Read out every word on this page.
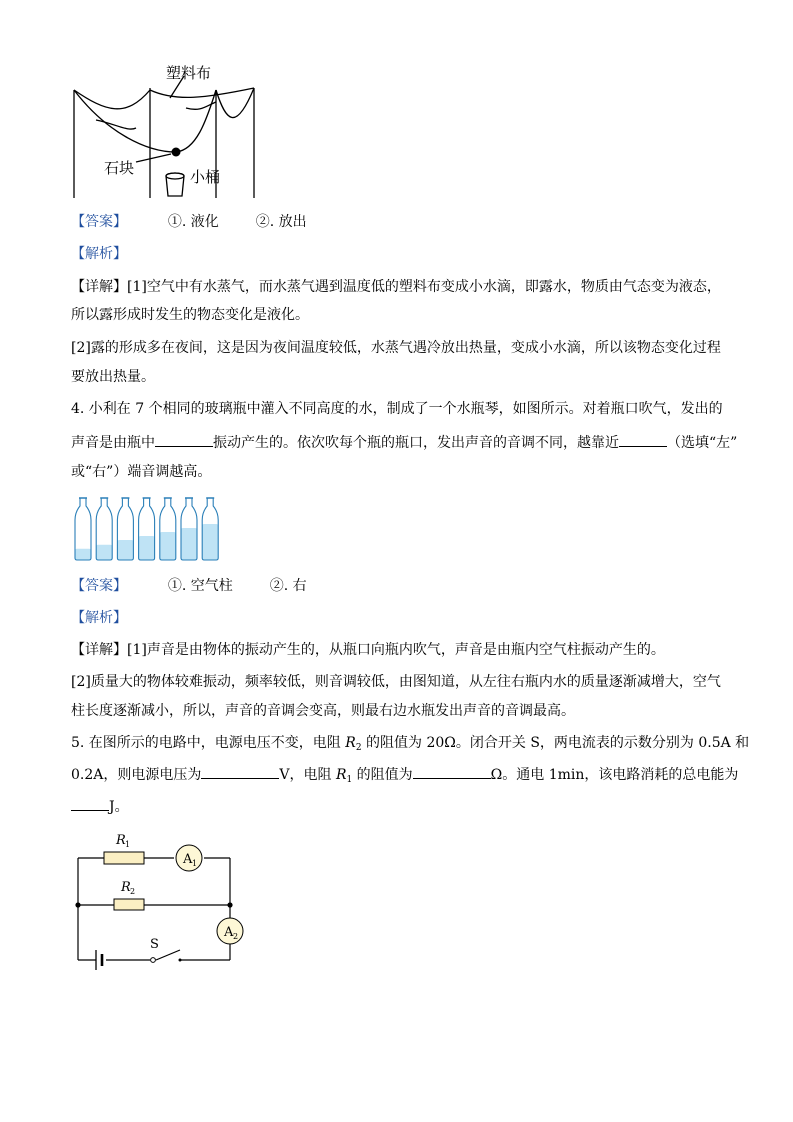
塑料布
石块	小桶
【答案】	①. 液化	②. 放出
【解析】
【详解】[1]空气中有水蒸气，而水蒸气遇到温度低的塑料布变成小水滴，即露水，物质由气态变为液态，
所以露形成时发生的物态变化是液化。
[2]露的形成多在夜间，这是因为夜间温度较低，水蒸气遇冷放出热量，变成小水滴，所以该物态变化过程
要放出热量。
4. 小利在 7 个相同的玻璃瓶中灌入不同高度的水，制成了一个水瓶琴，如图所示。对着瓶口吹气，发出的
声音是由瓶中	振动产生的。依次吹每个瓶的瓶口，发出声音的音调不同，越靠近	（选填“左”
或“右”）端音调越高。
【答案】	①. 空气柱	②. 右
【解析】
【详解】[1]声音是由物体的振动产生的，从瓶口向瓶内吹气，声音是由瓶内空气柱振动产生的。
[2]质量大的物体较难振动，频率较低，则音调较低，由图知道，从左往右瓶内水的质量逐渐减增大，空气
柱长度逐渐减小，所以，声音的音调会变高，则最右边水瓶发出声音的音调最高。
5. 在图所示的电路中，电源电压不变，电阻 $R_2$ 的阻值为 20Ω。闭合开关 S，两电流表的示数分别为 0.5A 和
0.2A，则电源电压为	V，电阻 $R_1$ 的阻值为	Ω。通电 1min，该电路消耗的总电能为
J。
R 1
R 2
A 1
A 2
S
